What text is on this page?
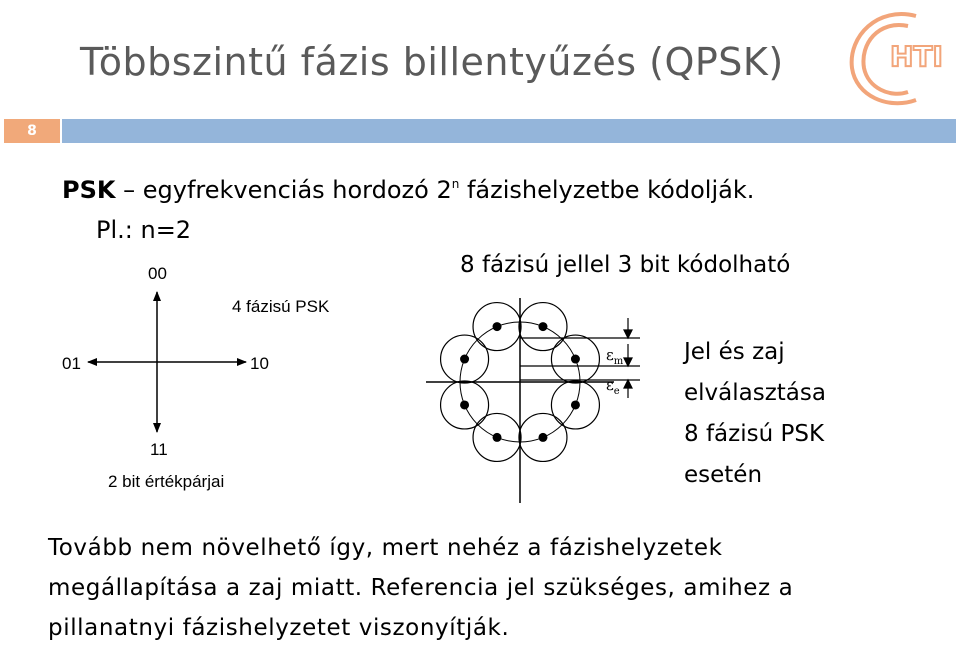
Többszintű fázis billentyűzés (QPSK)	HTI
8
PSK – egyfrekvenciás hordozó 2$^n$ fázishelyzetbe kódolják.
Pl.: n=2
00
01	10
11
4 fázisú PSK
2 bit értékpárjai
8 fázisú jellel 3 bit kódolható
$\varepsilon_m$
$\varepsilon_e$
Jel és zaj
elválasztása
8 fázisú PSK
esetén
Tovább nem növelhető így, mert nehéz a fázishelyzetek
megállapítása a zaj miatt. Referencia jel szükséges, amihez a
pillanatnyi fázishelyzetet viszonyítják.
